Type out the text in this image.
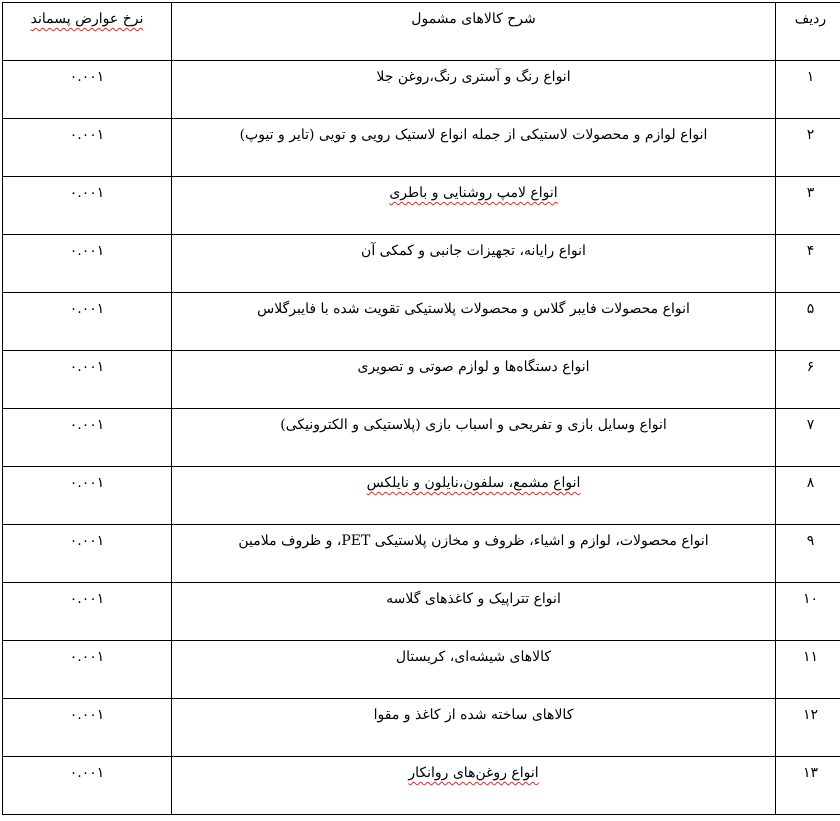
ردیف	شرح کالاهای مشمول	نرخ عوارض پسماند
۱	انواع رنگ و آستری رنگ،روغن جلا	۰.۰۰۱
۲	انواع لوازم و محصولات لاستیکی از جمله انواع لاستیک رویی و تویی (تایر و تیوپ)	۰.۰۰۱
۳	انواع لامپ روشنایی و باطری	۰.۰۰۱
۴	انواع رایانه، تجهیزات جانبی و کمکی آن	۰.۰۰۱
۵	انواع محصولات فایبر گلاس و محصولات پلاستیکی تقویت شده با فایبرگلاس	۰.۰۰۱
۶	انواع دستگاه‌ها و لوازم صوتی و تصویری	۰.۰۰۱
۷	انواع وسایل بازی و تفریحی و اسباب بازی (پلاستیکی و الکترونیکی)	۰.۰۰۱
۸	انواع مشمع، سلفون،نایلون و نایلکس	۰.۰۰۱
۹	انواع محصولات، لوازم و اشیاء، ظروف و مخازن پلاستیکی PET، و ظروف ملامین	۰.۰۰۱
۱۰	انواع تتراپیک و کاغذهای گلاسه	۰.۰۰۱
۱۱	کالاهای شیشه‌ای، کریستال	۰.۰۰۱
۱۲	کالاهای ساخته شده از کاغذ و مقوا	۰.۰۰۱
۱۳	انواع روغن‌های روانکار	۰.۰۰۱
